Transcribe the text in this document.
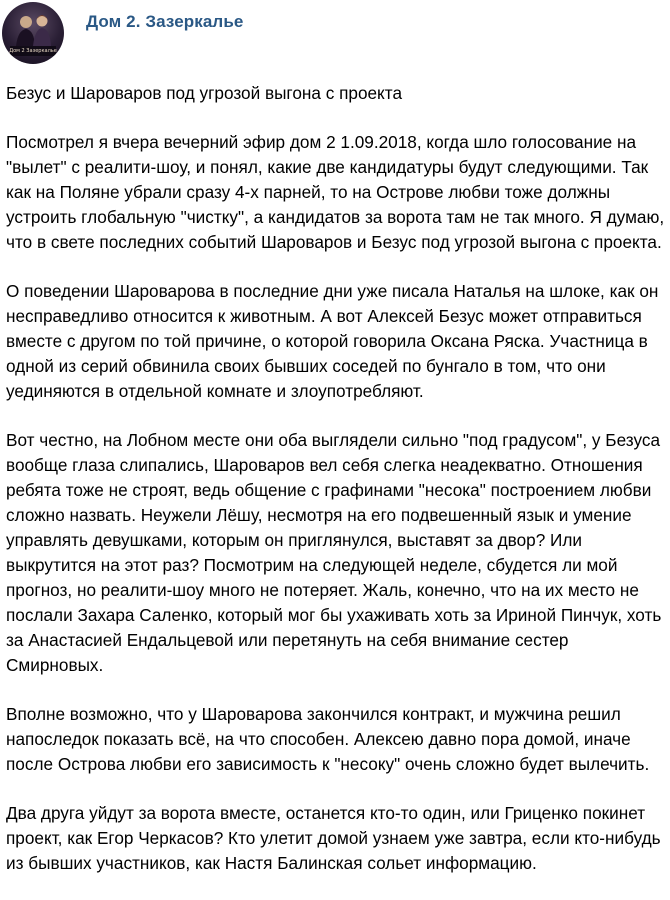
Дом 2 Зазеркалье
Дом 2. Зазеркалье
Безус и Шароваров под угрозой выгона с проекта
Посмотрел я вчера вечерний эфир дом 2 1.09.2018, когда шло голосование на "вылет" с реалити-шоу, и понял, какие две кандидатуры будут следующими. Так как на Поляне убрали сразу 4-х парней, то на Острове любви тоже должны устроить глобальную "чистку", а кандидатов за ворота там не так много. Я думаю, что в свете последних событий Шароваров и Безус под угрозой выгона с проекта.
О поведении Шароварова в последние дни уже писала Наталья на шлоке, как он несправедливо относится к животным. А вот Алексей Безус может отправиться вместе с другом по той причине, о которой говорила Оксана Ряска. Участница в одной из серий обвинила своих бывших соседей по бунгало в том, что они уединяются в отдельной комнате и злоупотребляют.
Вот честно, на Лобном месте они оба выглядели сильно "под градусом", у Безуса вообще глаза слипались, Шароваров вел себя слегка неадекватно. Отношения ребята тоже не строят, ведь общение с графинами "несока" построением любви сложно назвать. Неужели Лёшу, несмотря на его подвешенный язык и умение управлять девушками, которым он приглянулся, выставят за двор? Или выкрутится на этот раз? Посмотрим на следующей неделе, сбудется ли мой прогноз, но реалити-шоу много не потеряет. Жаль, конечно, что на их место не послали Захара Саленко, который мог бы ухаживать хоть за Ириной Пинчук, хоть за Анастасией Ендальцевой или перетянуть на себя внимание сестер Смирновых.
Вполне возможно, что у Шароварова закончился контракт, и мужчина решил напоследок показать всё, на что способен. Алексею давно пора домой, иначе после Острова любви его зависимость к "несоку" очень сложно будет вылечить.
Два друга уйдут за ворота вместе, останется кто-то один, или Гриценко покинет проект, как Егор Черкасов? Кто улетит домой узнаем уже завтра, если кто-нибудь из бывших участников, как Настя Балинская сольет информацию.
